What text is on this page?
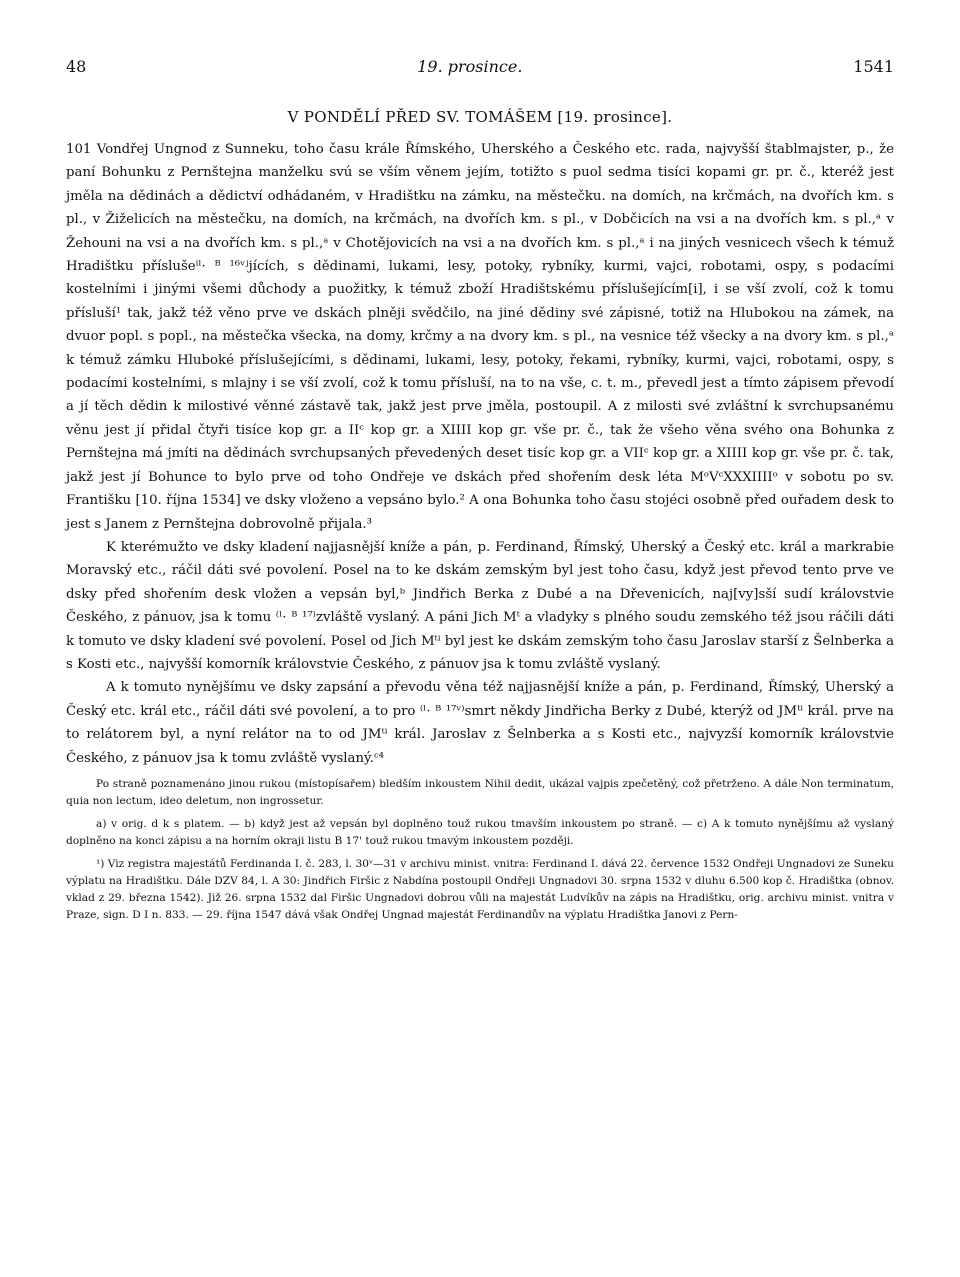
48	19. prosince.	1541
V PONDĚLÍ PŘED SV. TOMÁŠEM [19. prosince].

101 Vondřej Ungnod z Sunneku, toho času krále Římského, Uherského a Českého etc. rada, najvyšší štablmajster, p., že paní Bohunku z Pernštejna manželku svú se vším věnem jejím, totižto s puol sedma tisíci kopami gr. pr. č., kteréž jest jměla na dědinách a dědictví odhádaném, v Hradištku na zámku, na městečku. na domích, na krčmách, na dvořích km. s pl., v Žiželicích na městečku, na domích, na krčmách, na dvořích km. s pl., v Dobčicích na vsi a na dvořích km. s pl.,ᵃ v Žehouni na vsi a na dvořích km. s pl.,ᵃ v Chotějovicích na vsi a na dvořích km. s pl.,ᵃ i na jiných vesnicech všech k témuž Hradištku příslušeⁱˡ· ᴮ ¹⁶ᵛʲjících, s dědinami, lukami, lesy, potoky, rybníky, kurmi, vajci, robotami, ospy, s podacími kostelními i jinými všemi důchody a puožitky, k témuž zboží Hradištskému příslušejícím[i], i se vší zvolí, což k tomu přísluší¹ tak, jakž též věno prve ve dskách plněji svědčilo, na jiné dědiny své zápisné, totiž na Hlubokou na zámek, na dvuor popl. s popl., na městečka všecka, na domy, krčmy a na dvory km. s pl., na vesnice též všecky a na dvory km. s pl.,ᵃ k témuž zámku Hluboké příslušejícími, s dědinami, lukami, lesy, potoky, řekami, rybníky, kurmi, vajci, robotami, ospy, s podacími kostelními, s mlajny i se vší zvolí, což k tomu přísluší, na to na vše, c. t. m., převedl jest a tímto zápisem převodí a jí těch dědin k milostivé věnné zástavě tak, jakž jest prve jměla, postoupil. A z milosti své zvláštní k svrchupsanému věnu jest jí přidal čtyři tisíce kop gr. a IIᶜ kop gr. a XIIII kop gr. vše pr. č., tak že všeho věna svého ona Bohunka z Pernštejna má jmíti na dědinách svrchupsaných převedených deset tisíc kop gr. a VIIᶜ kop gr. a XIIII kop gr. vše pr. č. tak, jakž jest jí Bohunce to bylo prve od toho Ondřeje ve dskách před shořením desk léta MᵒVᶜXXXIIIIᵒ v sobotu po sv. Františku [10. října 1534] ve dsky vloženo a vepsáno bylo.² A ona Bohunka toho času stojéci osobně před ouřadem desk to jest s Janem z Pernštejna dobrovolně přijala.³

K kterémužto ve dsky kladení najjasnější kníže a pán, p. Ferdinand, Římský, Uherský a Český etc. král a markrabie Moravský etc., ráčil dáti své povolení. Posel na to ke dskám zemským byl jest toho času, když jest převod tento prve ve dsky před shořením desk vložen a vepsán byl,ᵇ Jindřich Berka z Dubé a na Dřevenicích, naj[vy]sší sudí královstvie Českého, z pánuov, jsa k tomu ⁽ˡ· ᴮ ¹⁷⁾zvláště vyslaný. A páni Jich Mᵗ a vladyky s plného soudu zemského též jsou ráčili dáti k tomuto ve dsky kladení své povolení. Posel od Jich Mᵗⁱ byl jest ke dskám zemským toho času Jaroslav starší z Šelnberka a s Kosti etc., najvyšší komorník královstvie Českého, z pánuov jsa k tomu zvláště vyslaný.

A k tomuto nynějšímu ve dsky zapsání a převodu věna též najjasnější kníže a pán, p. Ferdinand, Římský, Uherský a Český etc. král etc., ráčil dáti své povolení, a to pro ⁽ˡ· ᴮ ¹⁷ᵛ⁾smrt někdy Jindřicha Berky z Dubé, kterýž od JMᵗⁱ král. prve na to relátorem byl, a nyní relátor na to od JMᵗⁱ král. Jaroslav z Šelnberka a s Kosti etc., najvyzší komorník královstvie Českého, z pánuov jsa k tomu zvláště vyslaný.ᶜ⁴

Po straně poznamenáno jinou rukou (místopísařem) bledším inkoustem Nihil dedit, ukázal vajpis zpečetěný, což přetrženo. A dále Non terminatum, quia non lectum, ideo deletum, non ingrossetur.

a) v orig. d k s platem. — b) když jest až vepsán byl doplněno touž rukou tmavším inkoustem po straně. — c) A k tomuto nynějšímu až vyslaný doplněno na konci zápisu a na horním okraji listu B 17' touž rukou tmavým inkoustem později.

¹) Viz registra majestátů Ferdinanda I. č. 283, l. 30ᵛ—31 v archivu minist. vnitra: Ferdinand I. dává 22. července 1532 Ondřeji Ungnadovi ze Suneku výplatu na Hradištku. Dále DZV 84, l. A 30: Jindřich Firšic z Nabdína postoupil Ondřeji Ungnadovi 30. srpna 1532 v dluhu 6.500 kop č. Hradištka (obnov. vklad z 29. března 1542). Již 26. srpna 1532 dal Firšic Ungnadovi dobrou vůli na majestát Ludvíkův na zápis na Hradištku, orig. archivu minist. vnitra v Praze, sign. D I n. 833. — 29. října 1547 dává však Ondřej Ungnad majestát Ferdinandův na výplatu Hradištka Janovi z Pern-
